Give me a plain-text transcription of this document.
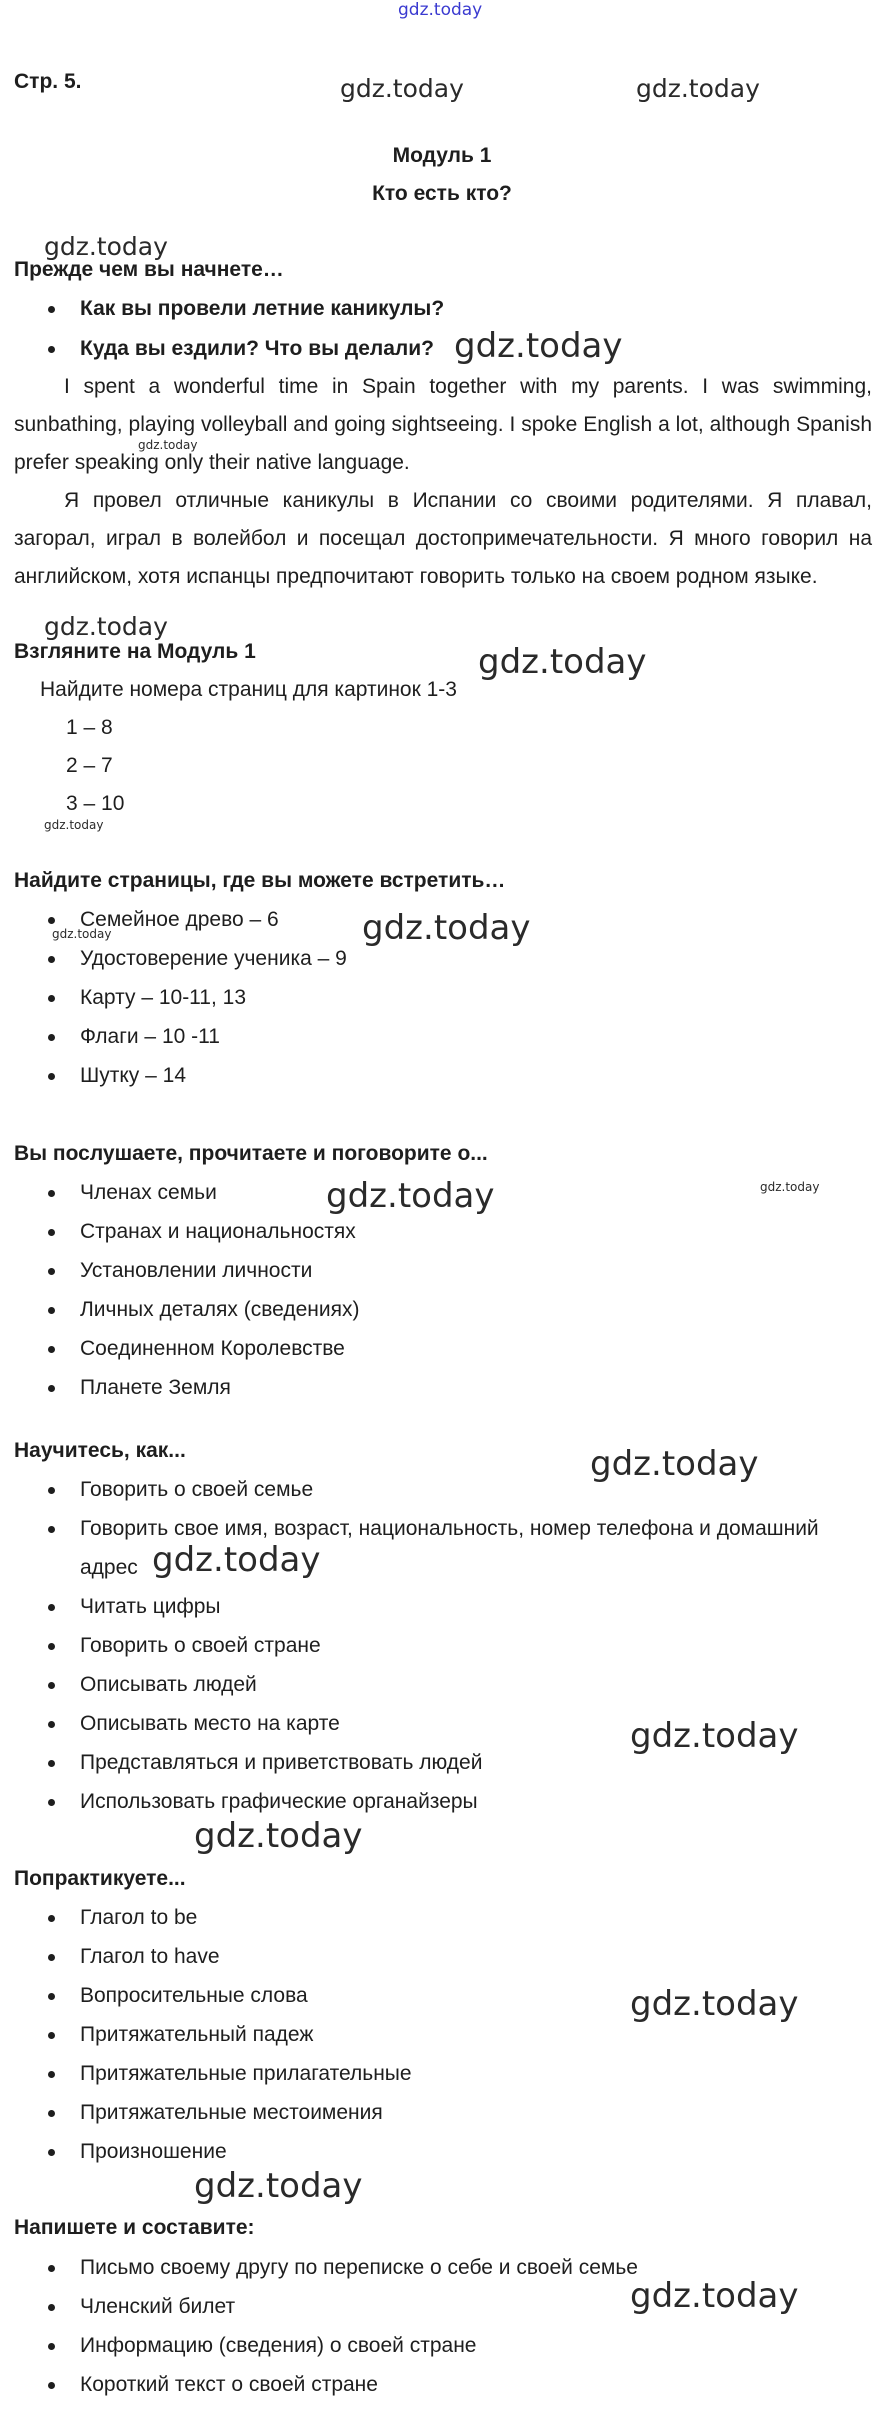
gdz.today
gdz.today	gdz.today
gdz.today
gdz.today
gdz.today
gdz.today
gdz.today
gdz.today
gdz.today
gdz.today
gdz.today	gdz.today
gdz.today
gdz.today
gdz.today
gdz.today
gdz.today
gdz.today
gdz.today
Стр. 5.
Модуль 1
Кто есть кто?
Прежде чем вы начнете…
Как вы провели летние каникулы?
Куда вы ездили? Что вы делали?
I spent a wonderful time in Spain together with my parents. I was swimming, sunbathing, playing volleyball and going sightseeing. I spoke English a lot, although Spanish prefer speaking only their native language.
Я провел отличные каникулы в Испании со своими родителями. Я плавал, загорал, играл в волейбол и посещал достопримечательности. Я много говорил на английском, хотя испанцы предпочитают говорить только на своем родном языке.
Взгляните на Модуль 1
Найдите номера страниц для картинок 1-3
1 – 8
2 – 7
3 – 10
Найдите страницы, где вы можете встретить…
Семейное древо – 6
Удостоверение ученика – 9
Карту – 10-11, 13
Флаги – 10 -11
Шутку – 14
Вы послушаете, прочитаете и поговорите о...
Членах семьи
Странах и национальностях
Установлении личности
Личных деталях (сведениях)
Соединенном Королевстве
Планете Земля
Научитесь, как...
Говорить о своей семье
Говорить свое имя, возраст, национальность, номер телефона и домашний
адрес
Читать цифры
Говорить о своей стране
Описывать людей
Описывать место на карте
Представляться и приветствовать людей
Использовать графические органайзеры
Попрактикуете...
Глагол to be
Глагол to have
Вопросительные слова
Притяжательный падеж
Притяжательные прилагательные
Притяжательные местоимения
Произношение
Напишете и составите:
Письмо своему другу по переписке о себе и своей семье
Членский билет
Информацию (сведения) о своей стране
Короткий текст о своей стране
